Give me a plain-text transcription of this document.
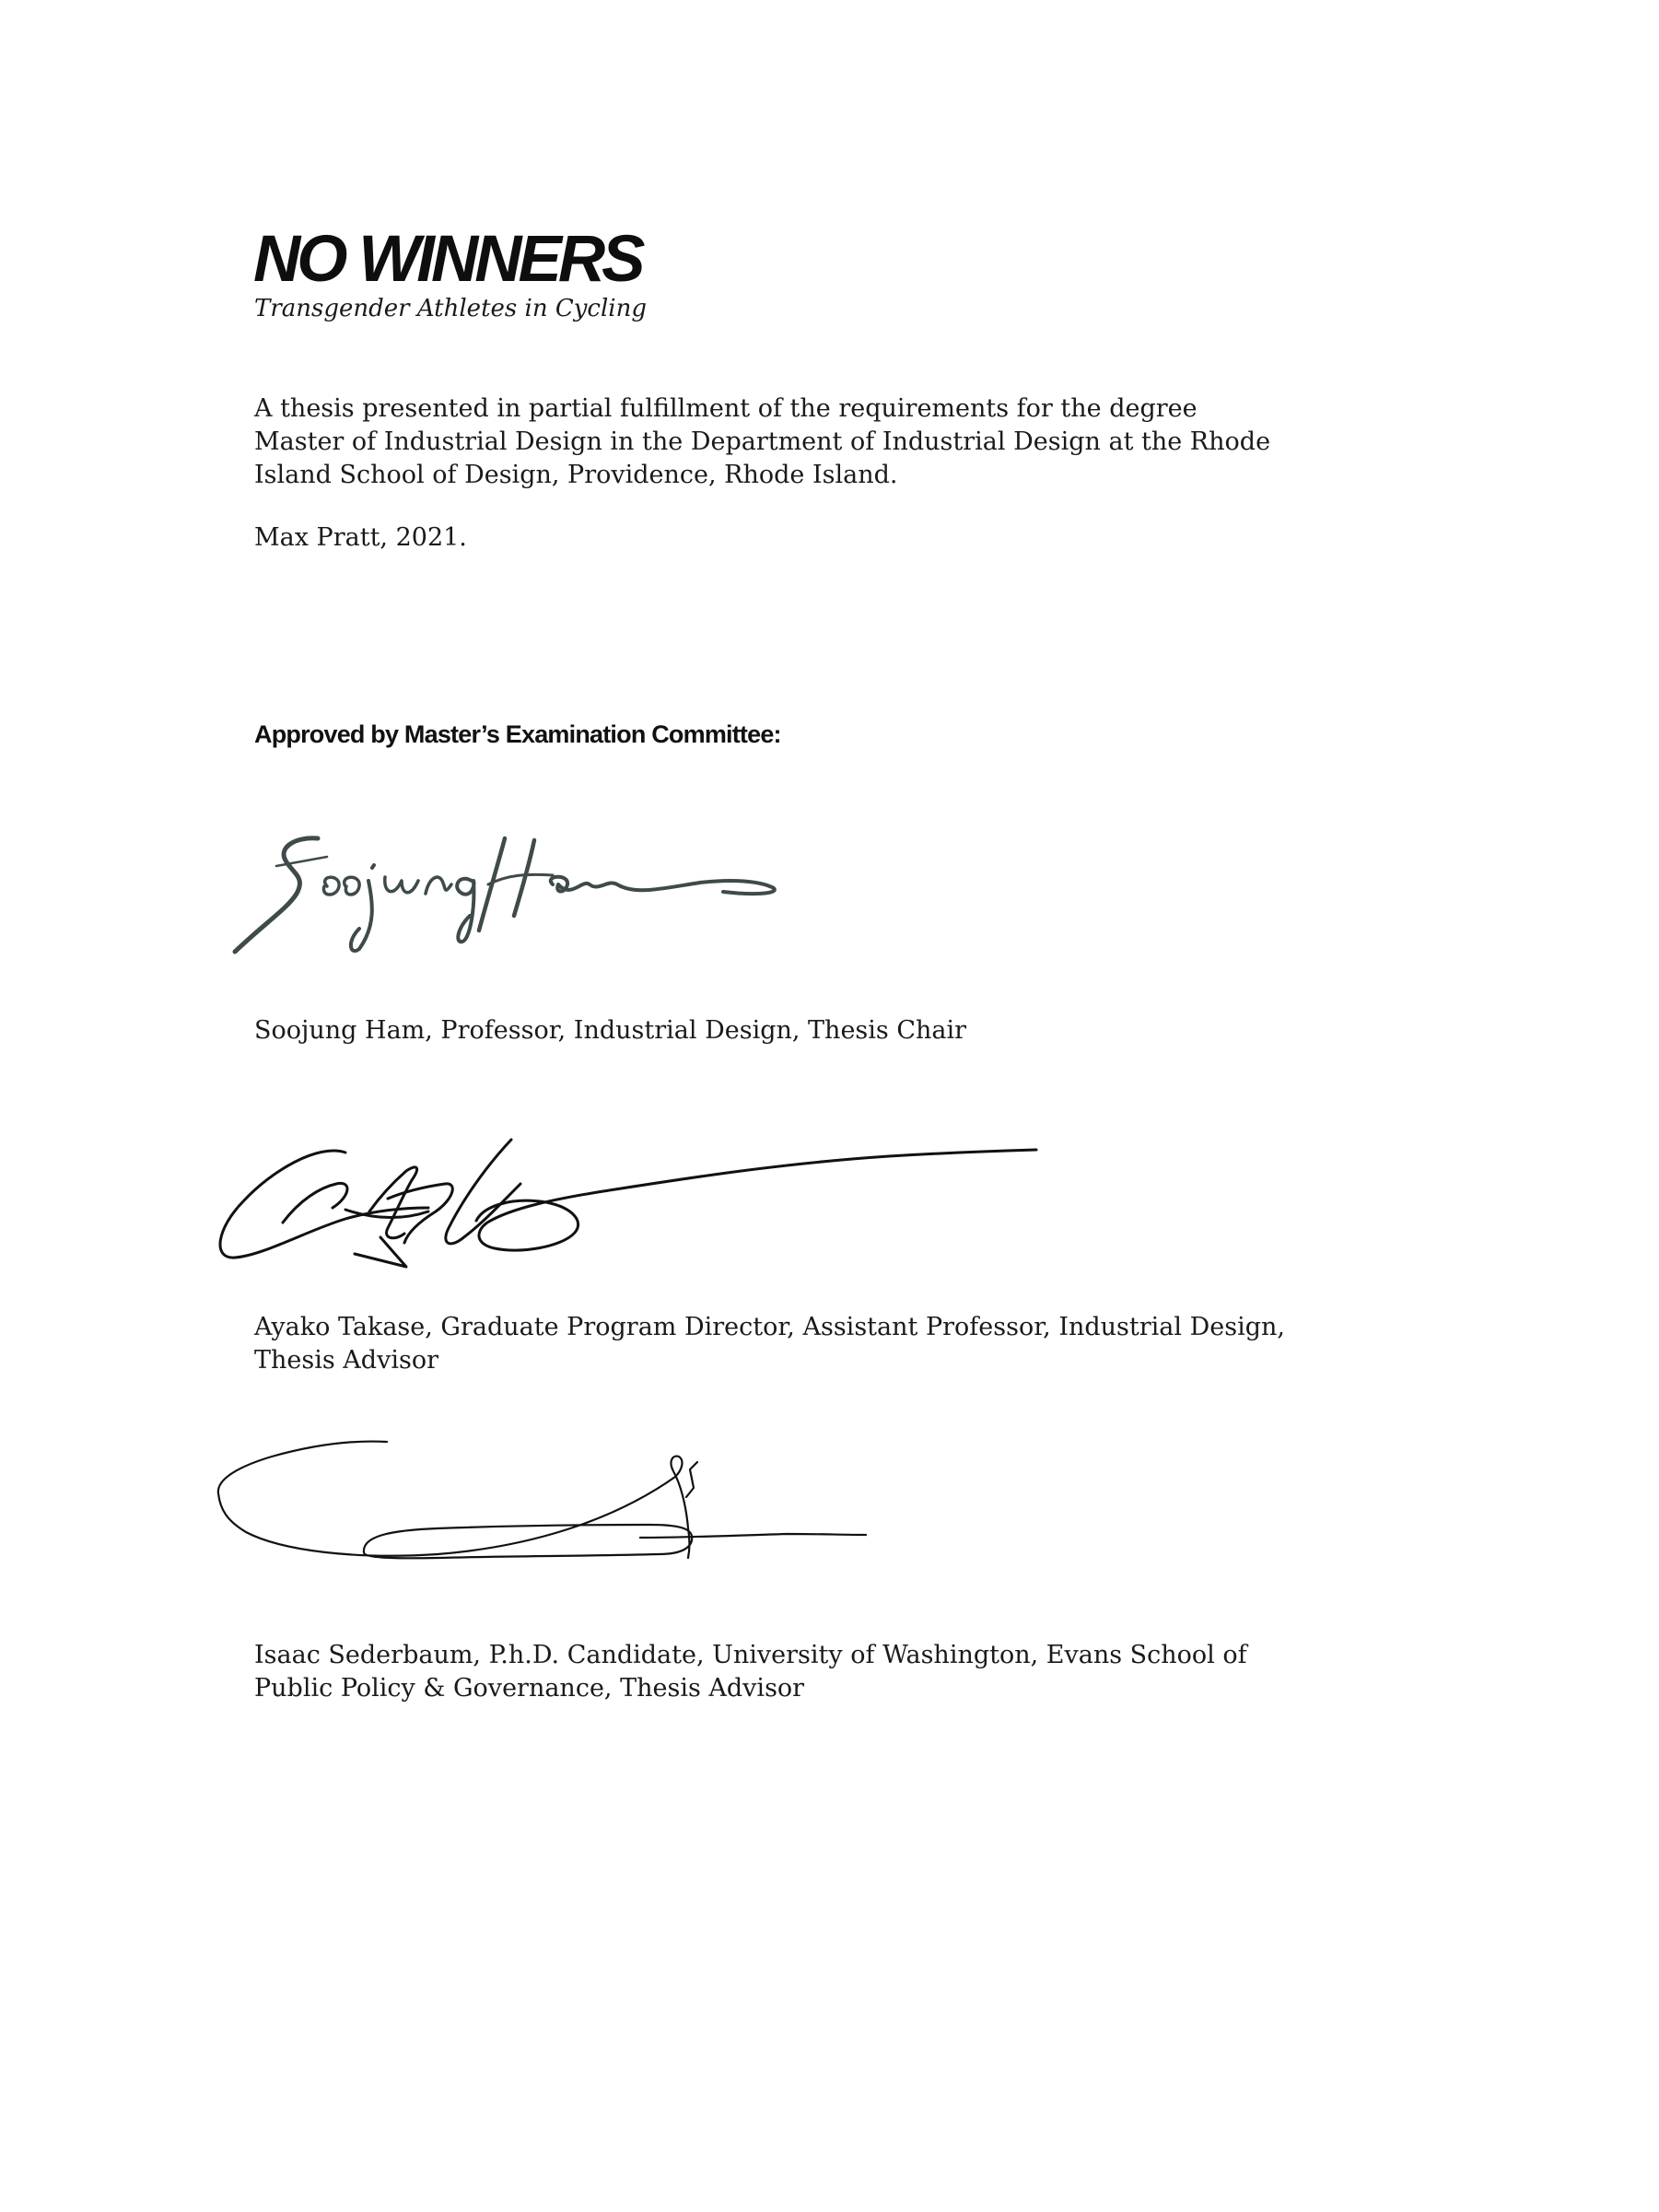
NO WINNERS
Transgender Athletes in Cycling
A thesis presented in partial fulfillment of the requirements for the degree Master of Industrial Design in the Department of Industrial Design at the Rhode Island School of Design, Providence, Rhode Island.
Max Pratt, 2021.
Approved by Master’s Examination Committee:
Soojung Ham, Professor, Industrial Design, Thesis Chair
Ayako Takase, Graduate Program Director, Assistant Professor, Industrial Design, Thesis Advisor
Isaac Sederbaum, P.h.D. Candidate, University of Washington, Evans School of Public Policy & Governance, Thesis Advisor
